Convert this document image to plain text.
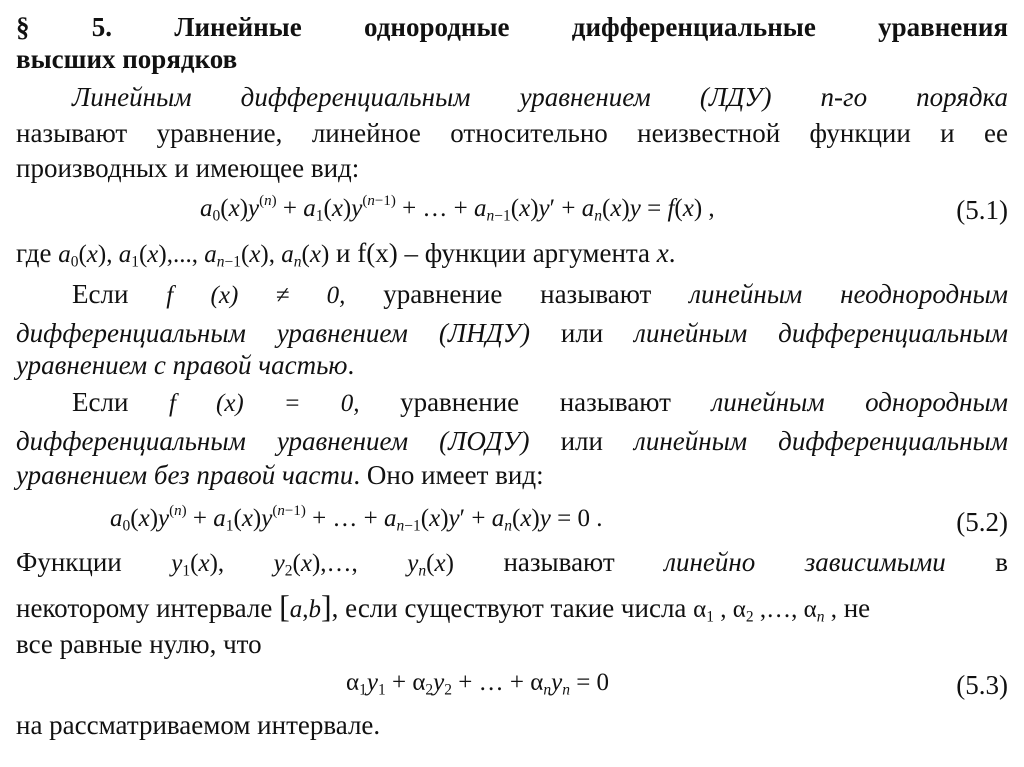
§ 5. Линейные однородные дифференциальные уравнения
высших порядков
Линейным дифференциальным уравнением (ЛДУ) n-го порядка
называют уравнение, линейное относительно неизвестной функции и ее
производных и имеющее вид:
$a_0(x)y^{(n)} + a_1(x)y^{(n-1)}$ + … + $a_{n-1}(x)y' + a_n(x)y = f(x)$ ,	(5.1)
где $a_0(x)$, $a_1(x)$,..., $a_{n-1}(x)$, $a_n(x)$ и f(x) – функции аргумента x.
Если f (x) ≠ 0, уравнение называют линейным неоднородным
дифференциальным уравнением (ЛНДУ) или линейным дифференциальным
уравнением с правой частью.
Если f (x) = 0, уравнение называют линейным однородным
дифференциальным уравнением (ЛОДУ) или линейным дифференциальным
уравнением без правой части. Оно имеет вид:
$a_0(x)y^{(n)} + a_1(x)y^{(n-1)}$ + … + $a_{n-1}(x)y' + a_n(x)y = 0$ .	(5.2)
Функции $y_1(x)$, $y_2(x),\dots$, $y_n(x)$ называют линейно зависимыми в
некоторому интервале [a,b], если существуют такие числа $\alpha_1$ , $\alpha_2$ ,…, $\alpha_n$ , не
все равные нулю, что
$\alpha_1y_1 + \alpha_2y_2$ + … + $\alpha_ny_n = 0$	(5.3)
на рассматриваемом интервале.
